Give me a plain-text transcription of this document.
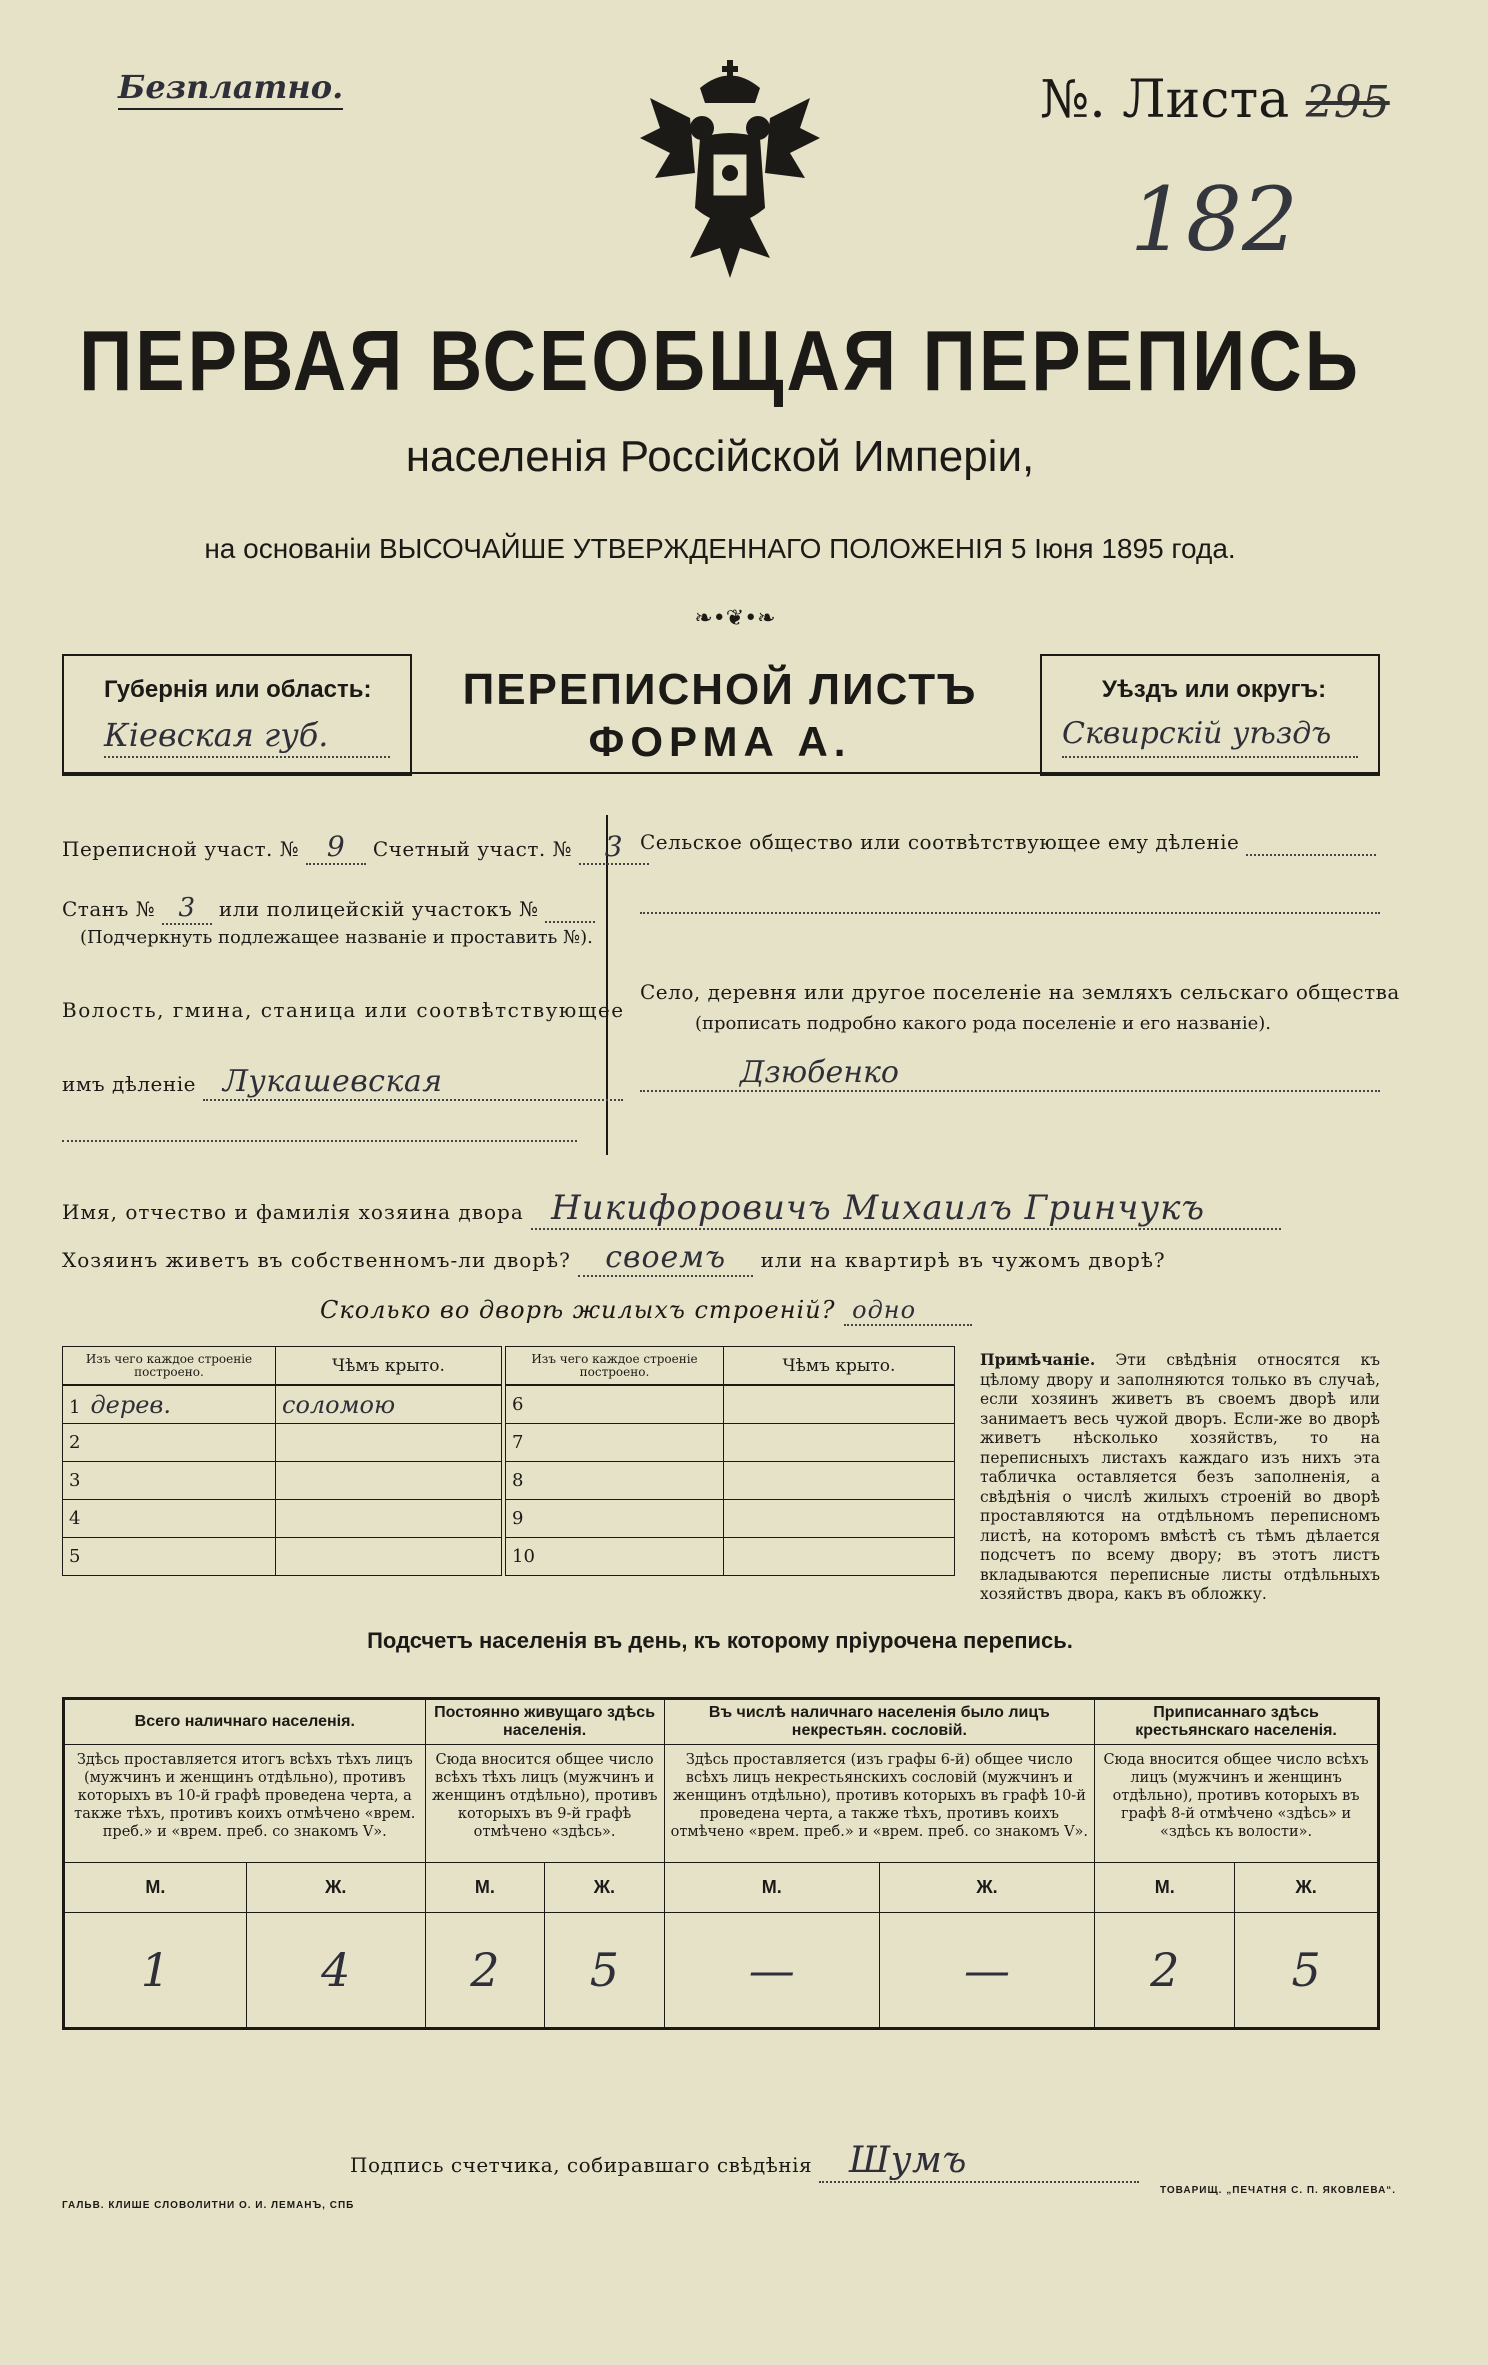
Безплатно.	№. Листа 295
182
ПЕРВАЯ ВСЕОБЩАЯ ПЕРЕПИСЬ
населенія Россійской Имперіи,
на основаніи ВЫСОЧАЙШЕ УТВЕРЖДЕННАГО ПОЛОЖЕНІЯ 5 Іюня 1895 года.
❧•❦•❧
Губернія или область:
Кіевская губ.
ПЕРЕПИСНОЙ ЛИСТЪ
ФОРМА А.
Уѣздъ или округъ:
Сквирскій уѣздъ
Переписной участ. № 9 Счетный участ. № 3
Станъ № 3 или полицейскій участокъ №
(Подчеркнуть подлежащее названіе и проставить №).
Волость, гмина, станица или соотвѣтствующее
имъ дѣленіе Лукашевская
Сельское общество или соотвѣтствующее ему дѣленіе
Село, деревня или другое поселеніе на земляхъ сельскаго общества
(прописать подробно какого рода поселеніе и его названіе).
Дзюбенко
Имя, отчество и фамилія хозяина двора Никифоровичъ Михаилъ Гринчукъ
Хозяинъ живетъ въ собственномъ-ли дворѣ? своемъ или на квартирѣ въ чужомъ дворѣ?
Сколько во дворѣ жилыхъ строеній? одно
Изъ чего каждое строеніе построено.	Чѣмъ крыто.
1 дерев.	соломою
2	
3	
4	
5	
Изъ чего каждое строеніе построено.	Чѣмъ крыто.
6	
7	
8	
9	
10	
Примѣчаніе. Эти свѣдѣнія относятся къ цѣлому двору и заполняются только въ случаѣ, если хозяинъ живетъ въ своемъ дворѣ или занимаетъ весь чужой дворъ. Если-же во дворѣ живетъ нѣсколько хозяйствъ, то на переписныхъ листахъ каждаго изъ нихъ эта табличка оставляется безъ заполненія, а свѣдѣнія о числѣ жилыхъ строеній во дворѣ проставляются на отдѣльномъ переписномъ листѣ, на которомъ вмѣстѣ съ тѣмъ дѣлается подсчетъ по всему двору; въ этотъ листъ вкладываются переписные листы отдѣльныхъ хозяйствъ двора, какъ въ обложку.
Подсчетъ населенія въ день, къ которому пріурочена перепись.
Всего наличнаго населенія.		Постоянно живущаго здѣсь населенія.		Въ числѣ наличнаго населенія было лицъ некрестьян. сословій.		Приписаннаго здѣсь крестьянскаго населенія.	
Здѣсь проставляется итогъ всѣхъ тѣхъ лицъ (мужчинъ и женщинъ отдѣльно), противъ которыхъ въ 10-й графѣ проведена черта, а также тѣхъ, противъ коихъ отмѣчено «врем. преб.» и «врем. преб. со знакомъ V».		Сюда вносится общее число всѣхъ тѣхъ лицъ (мужчинъ и женщинъ отдѣльно), противъ которыхъ въ 9-й графѣ отмѣчено «здѣсь».		Здѣсь проставляется (изъ графы 6-й) общее число всѣхъ лицъ некрестьянскихъ сословій (мужчинъ и женщинъ отдѣльно), противъ которыхъ въ графѣ 10-й проведена черта, а также тѣхъ, противъ коихъ отмѣчено «врем. преб.» и «врем. преб. со знакомъ V».		Сюда вносится общее число всѣхъ лицъ (мужчинъ и женщинъ отдѣльно), противъ которыхъ въ графѣ 8-й отмѣчено «здѣсь» и «здѣсь къ волости».	
М.	Ж.	М.	Ж.	М.	Ж.	М.	Ж.
1	4	2	5	—	—	2	5
Подпись счетчика, собиравшаго свѣдѣнія Шумъ
ГАЛЬВ. КЛИШЕ СЛОВОЛИТНИ О. И. ЛЕМАНЪ, СПБ
ТОВАРИЩ. „ПЕЧАТНЯ С. П. ЯКОВЛЕВА“.
